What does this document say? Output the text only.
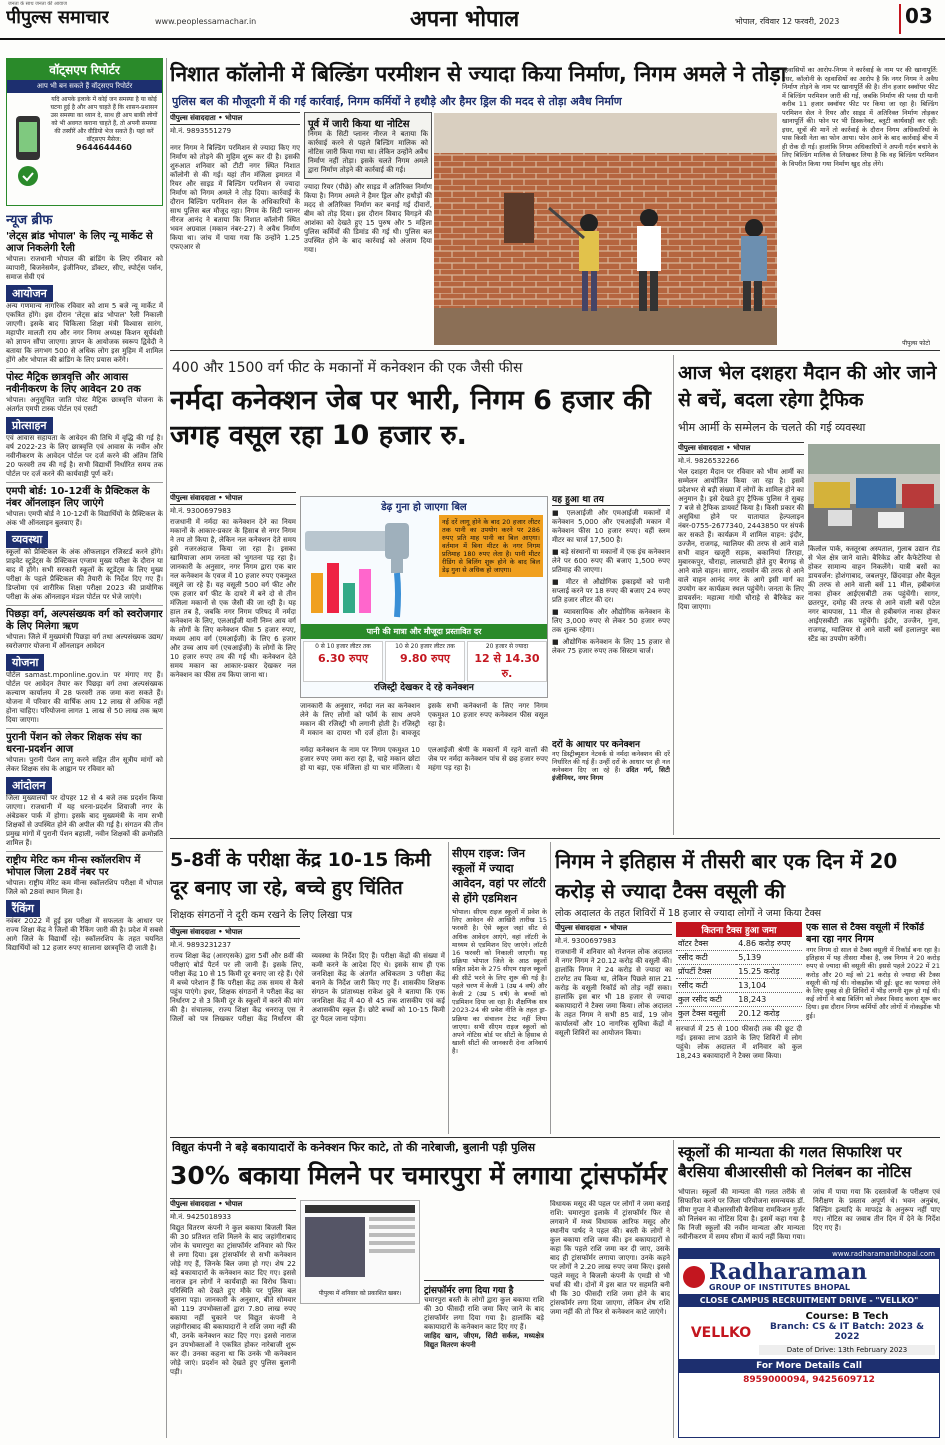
पीपुल्स समाचार
जनता के साथ जनता की आवाज
www.peoplessamachar.in	अपना भोपाल	भोपाल, रविवार 12 फरवरी, 2023	03
वॉट्सएप रिपोर्टर
आप भी बन सकते हैं वॉट्सएप रिपोर्टर
यदि आपके इलाके में कोई जन समस्या है या कोई घटना हुई है और आप चाहते हैं कि शासन-प्रशासन उस समस्या का ध्यान दे, साथ ही आप बाकी लोगों को भी अवगत कराना चाहते हैं, तो अपनी समस्या की तस्वीरें और वीडियो भेज सकते हैं। यहां करें वॉट्सएप मैसेज:
9644644460
न्यूज ब्रीफ
'लेट्स ब्रांड भोपाल' के लिए न्यू मार्केट से आज निकलेगी रैली
भोपाल। राजधानी भोपाल की ब्रांडिंग के लिए रविवार को व्यापारी, बिजनेसमैन, इंजीनियर, डॉक्टर, सीए, स्पोर्ट्स पर्सन, समाज सेवी एवं
आयोजन
अन्य गणमान्य नागरिक रविवार को शाम 5 बजे न्यू मार्केट में एकत्रित होंगे। इस दौरान 'लेट्स ब्रांड भोपाल' रैली निकाली जाएगी। इसके बाद चिकित्सा शिक्षा मंत्री विश्वास सारंग, महापौर मालती राय और नगर निगम अध्यक्ष किशन सूर्यवंशी को ज्ञापन सौंपा जाएगा। ज्ञापन के आयोजक स्वरूप द्विवेदी ने बताया कि लगभग 500 से अधिक लोग इस मुहिम में शामिल होंगे और भोपाल की ब्रांडिंग के लिए प्रयास करेंगे।
पोस्ट मैट्रिक छात्रवृत्ति और आवास नवीनीकरण के लिए आवेदन 20 तक
भोपाल। अनुसूचित जाति पोस्ट मैट्रिक छात्रवृत्ति योजना के अंतर्गत एमपी टास्क पोर्टल एवं एसटी
प्रोत्साहन
एवं आवास सहायता के आवेदन की तिथि में वृद्धि की गई है। वर्ष 2022-23 के लिए छात्रवृत्ति एवं आवास के नवीन और नवीनीकरण के आवेदन पोर्टल पर दर्ज करने की अंतिम तिथि 20 फरवरी तय की गई है। सभी विद्यार्थी निर्धारित समय तक पोर्टल पर दर्ज करने की कार्यवाही पूर्ण करें।
एमपी बोर्ड: 10-12वीं के प्रैक्टिकल के नंबर ऑनलाइन लिए जाएंगे
भोपाल। एमपी बोर्ड ने 10-12वीं के विद्यार्थियों के प्रैक्टिकल के अंक भी ऑनलाइन बुलवाए हैं।
व्यवस्था
स्कूलों को प्रैक्टिकल के अंक ऑफलाइन रजिस्टर्ड करने होंगे। प्राइवेट स्टूडेंट्स के प्रैक्टिकल एग्जाम मुख्य परीक्षा के दौरान या बाद में होंगे। सभी सरकारी स्कूलों के स्टूडेंट्स के लिए मुख्य परीक्षा के पहले प्रैक्टिकल की तैयारी के निर्देश दिए गए हैं। डिप्लोमा एवं शारीरिक शिक्षा परीक्षा 2023 की प्रायोगिक परीक्षा के अंक ऑनलाइन मंडल पोर्टल पर भेजे जाएंगे।
पिछड़ा वर्ग, अल्पसंख्यक वर्ग को स्वरोजगार के लिए मिलेगा ऋण
भोपाल। जिले में मुख्यमंत्री पिछड़ा वर्ग तथा अल्पसंख्यक उद्यम/स्वरोजगार योजना में ऑनलाइन आवेदन
योजना
पोर्टल samast.mponline.gov.in पर मंगाए गए हैं। पोर्टल पर आवेदन तैयार कर पिछड़ा वर्ग तथा अल्पसंख्यक कल्याण कार्यालय में 28 फरवरी तक जमा करा सकते हैं। योजना में परिवार की वार्षिक आय 12 लाख से अधिक नहीं होना चाहिए। परियोजना लागत 1 लाख से 50 लाख तक ऋण दिया जाएगा।
पुरानी पेंशन को लेकर शिक्षक संघ का धरना-प्रदर्शन आज
भोपाल। पुरानी पेंशन लागू करने सहित तीन सूत्रीय मांगों को लेकर शिक्षक संघ के आह्वान पर रविवार को
आंदोलन
जिला मुख्यालयों पर दोपहर 12 से 4 बजे तक प्रदर्शन किया जाएगा। राजधानी में यह धरना-प्रदर्शन शिवाजी नगर के अंबेडकर पार्क में होगा। इसके बाद मुख्यमंत्री के नाम सभी शिक्षकों से उपस्थित होने की अपील की गई है। संगठन की तीन प्रमुख मांगों में पुरानी पेंशन बहाली, नवीन शिक्षकों की क्रमोन्नति शामिल हैं।
राष्ट्रीय मेरिट कम मीन्स स्कॉलरशिप में भोपाल जिला 28वें नंबर पर
भोपाल। राष्ट्रीय मेरिट कम मीन्स स्कॉलरशिप परीक्षा में भोपाल जिले को 28वां स्थान मिला है।
रैंकिंग
नवंबर 2022 में हुई इस परीक्षा में सफलता के आधार पर राज्य शिक्षा केंद्र ने जिलों की रैंकिंग जारी की है। प्रदेश में सबसे आगे जिले के विद्यार्थी रहे। स्कॉलरशिप के तहत चयनित विद्यार्थियों को 12 हजार रुपए सालाना छात्रवृत्ति दी जाती है।
निशात कॉलोनी में बिल्डिंग परमीशन से ज्यादा किया निर्माण, निगम अमले ने तोड़ा
पुलिस बल की मौजूदगी में की गई कार्रवाई, निगम कर्मियों ने हथौड़े और हैमर ड्रिल की मदद से तोड़ा अवैध निर्माण
पीपुल्स संवाददाता • भोपाल
मो.नं. 9893551279
नगर निगम ने बिल्डिंग परमिशन से ज्यादा किए गए निर्माण को तोड़ने की मुहिम शुरू कर दी है। इसकी शुरुआत शनिवार को टीटी नगर स्थित निशात कॉलोनी से की गई। यहां तीन मंजिला इमारत में रियर और साइड में बिल्डिंग परमिशन से ज्यादा निर्माण को निगम अमले ने तोड़ दिया। कार्रवाई के दौरान बिल्डिंग परमिशन सेल के अधिकारियों के साथ पुलिस बल मौजूद रहा। निगम के सिटी प्लानर नीरज आनंद ने बताया कि निशात कॉलोनी स्थित भवन अग्रवाल (मकान नंबर-27) ने अवैध निर्माण किया था। जांच में पाया गया कि उन्होंने 1.25 एफएआर से
पूर्व में जारी किया था नोटिस
निगम के सिटी प्लानर नीरज ने बताया कि कार्रवाई करने से पहले बिल्डिंग मालिक को नोटिस जारी किया गया था। लेकिन उन्होंने अवैध निर्माण नहीं तोड़ा। इसके चलते निगम अमले द्वारा निर्माण तोड़ने की कार्रवाई की गई।
ज्यादा रियर (पीछे) और साइड में अतिरिक्त निर्माण किया है। निगम अमले ने हैमर ड्रिल और हथौड़ों की मदद से अतिरिक्त निर्माण कर बनाई गई दीवारों, बीम को तोड़ दिया। इस दौरान विवाद विगड़ने की आशंका को देखते हुए 15 पुरुष और 5 महिला पुलिस कर्मियों की डिमांड की गई थी। पुलिस बल उपस्थित होने के बाद कार्रवाई को अंजाम दिया गया।
पीपुल्स फोटो
रहवासियों का आरोप-निगम ने कार्रवाई के नाम पर की खानापूर्ति: इधर, कॉलोनी के रहवासियों का आरोप है कि नगर निगम ने अवैध निर्माण तोड़ने के नाम पर खानापूर्ति की है। तीन हजार स्क्वॉयर फीट में बिल्डिंग परमिशन जारी की गई, जबकि निर्माण की प्लस ग्री यानी करीब 11 हजार स्क्वॉयर फीट पर किया जा रहा है। बिल्डिंग परमिशन सेल ने रियर और साइड में अतिरिक्त निर्माण तोड़कर खानापूर्ति की। फोन पर भी डिस्कनेक्ट, ब्लूटी कार्यवाही कर रही: इधर, सूत्रों की मानें तो कार्रवाई के दौरान निगम अधिकारियों के पास किसी नेता का फोन आया। फोन आने के बाद कार्रवाई बीच में ही रोक दी गई। हालांकि निगम अधिकारियों ने अपनी गर्दन बचाने के लिए बिल्डिंग मालिक से लिखकर लिया है कि वह बिल्डिंग परमिशन के विपरीत किया गया निर्माण खुद तोड़ लेंगे।
400 और 1500 वर्ग फीट के मकानों में कनेक्शन की एक जैसी फीस
नर्मदा कनेक्शन जेब पर भारी, निगम 6 हजार की जगह वसूल रहा 10 हजार रु.
पीपुल्स संवाददाता • भोपाल
मो.नं. 9300697983
राजधानी में नर्मदा का कनेक्शन देने का नियम मकानों के आकार-प्रकार के हिसाब से नगर निगम ने तय तो किया है, लेकिन नल कनेक्शन देते समय इसे नजरअंदाज किया जा रहा है। इसका खामियाजा आम जनता को भुगतना पड़ रहा है। जानकारी के अनुसार, नगर निगम द्वारा एक बार नल कनेक्शन के एवज में 10 हजार रुपए एकमुश्त वसूले जा रहे हैं। यह वसूली 500 वर्ग फीट और एक हजार वर्ग फीट के दायरे में बने दो से तीन मंजिला मकानों से एक जैसी की जा रही है। यह हाल तब है, जबकि नगर निगम परिषद में नर्मदा कनेक्शन के लिए, एलआईजी यानी निम्न आय वर्ग के लोगों के लिए कनेक्शन फीस 5 हजार रुपए, मध्यम आय वर्ग (एमआईजी) के लिए 6 हजार और उच्च आय वर्ग (एचआईजी) के लोगों के लिए 10 हजार रुपए तय की गई थी। कनेक्शन देते समय मकान का आकार-प्रकार देखकर नल कनेक्शन का फीस तय किया जाना था।
डेढ़ गुना हो जाएगा बिल
नई दरें लागू होने के बाद 20 हजार लीटर तक पानी का उपयोग करने पर 286 रुपए प्रति माह पानी का बिल आएगा। वर्तमान में बिना मीटर के नगर निगम प्रतिमाह 180 रुपए लेता है। पानी मीटर रीडिंग से बिलिंग शुरू होने के बाद बिल डेढ़ गुना से अधिक हो जाएगा।
पानी की मात्रा और मौजूदा प्रस्तावित दर
0 से 10 हजार लीटर तक
6.30 रुपए
10 से 20 हजार लीटर तक
9.80 रुपए
20 हजार से ज्यादा
12 से 14.30 रु.
रजिस्ट्री देखकर दे रहे कनेक्शन
जानकारी के अनुसार, नर्मदा नल का कनेक्शन लेने के लिए लोगों को फॉर्म के साथ अपने मकान की रजिस्ट्री भी लगानी होती है। रजिस्ट्री में मकान का दायरा भी दर्ज होता है। बावजूद इसके सभी कनेक्शनों के लिए नगर निगम एकमुश्त 10 हजार रुपए कनेक्शन फीस वसूल रहा है।
नर्मदा कनेक्शन के नाम पर निगम एकमुश्त 10 हजार रुपए जमा करा रहा है, चाहे मकान छोटा हो या बड़ा, एक मंजिला हो या चार मंजिला। ये एलआईजी श्रेणी के मकानों में रहने वालों की जेब पर नर्मदा कनेक्शन पांच से छह हजार रुपए महंगा पड़ रहा है।
यह हुआ था तय
■ एलआईजी और एमआईजी मकानों में कनेक्शन 5,000 और एचआईजी मकान में कनेक्शन फीस 10 हजार रुपए। वहीं स्लम मीटर का चार्ज 17,500 है।
■ बड़े संस्थानों या मकानों में एक इंच कनेक्शन लेने पर 600 रुपए की बजाए 1,500 रुपए प्रतिमाह की जाएगा।
■ मीटर से औद्योगिक इकाइयों को पानी सप्लाई करने पर 18 रुपए की बजाए 24 रुपए प्रति हजार लीटर की दर।
■ व्यावसायिक और औद्योगिक कनेक्शन के लिए 3,000 रुपए से लेकर 50 हजार रुपए तक शुल्क रहेगा।
■ औद्योगिक कनेक्शन के लिए 15 हजार से लेकर 75 हजार रुपए तक सिस्टम चार्ज।
दरों के आधार पर कनेक्शन
नए डिस्ट्रीब्यूशन नेटवर्क से नर्मदा कनेक्शन की दरें निर्धारित की गई हैं। उन्हीं दरों के आधार पर ही नल कनेक्शन दिए जा रहे हैं। उदित गर्ग, सिटी इंजीनियर, नगर निगम
आज भेल दशहरा मैदान की ओर जाने से बचें, बदला रहेगा ट्रैफिक
भीम आर्मी के सम्मेलन के चलते की गई व्यवस्था
पीपुल्स संवाददाता • भोपाल
मो.नं. 9826532266
भेल दशहरा मैदान पर रविवार को भीम आर्मी का सम्मेलन आयोजित किया जा रहा है। इसमें प्रदेशभर से बड़ी संख्या में लोगों के शामिल होने का अनुमान है। इसे देखते हुए ट्रैफिक पुलिस ने सुबह 7 बजे से ट्रैफिक डायवर्ट किया है। किसी प्रकार की असुविधा होने पर यातायात हेल्पलाइन नंबर-0755-2677340, 2443850 पर संपर्क कर सकते हैं। कार्यक्रम में शामिल वाहन: इंदौर, उज्जैन, राजगढ़, ग्वालियर की तरफ से आने वाले सभी वाहन खजूरी सड़क, बकानियां तिराहा, मुबारकपुर, चौराहा, लालघाटी होते हुए बैरागढ़ से आने वाले वाहन। सागर, रायसेन की तरफ से आने वाले वाहन आनंद नगर के आगे इसी मार्ग का उपयोग कर कार्यक्रम स्थल पहुंचेंगे। जनता के लिए डायवर्सन: महात्मा गांधी चौराहे से बैरिकेड कर दिया जाएगा।
किलोल पार्क, कस्तूरबा अस्पताल, गुलाब उद्यान रोड से भेल क्षेत्र जाने वाले। बैरिकेड और कैफेटेरिया से होकर सामान्य वाहन निकलेंगे। यात्री बसों का डायवर्जन: होशंगाबाद, जबलपुर, छिंदवाड़ा और बैतूल की तरफ से आने वाली बसें 11 मील, हबीबगंज नाका होकर आईएसबीटी तक पहुंचेंगी। सागर, छतरपुर, दमोह की तरफ से आने वाली बसें पटेल नगर बायपास, 11 मील से हबीबगंज नाका होकर आईएसबीटी तक पहुंचेंगी। इंदौर, उज्जैन, गुना, राजगढ़, ग्वालियर से आने वाली बसें हलालपुर बस स्टैंड का उपयोग करेंगी।
5-8वीं के परीक्षा केंद्र 10-15 किमी दूर बनाए जा रहे, बच्चे हुए चिंतित
शिक्षक संगठनों ने दूरी कम रखने के लिए लिखा पत्र
पीपुल्स संवाददाता • भोपाल
मो.नं. 9893231237
राज्य शिक्षा केंद्र (आरएसके) द्वारा 5वीं और 8वीं की परीक्षाएं बोर्ड पैटर्न पर ली जानी हैं। इसके लिए, परीक्षा केंद्र 10 से 15 किमी दूर बनाए जा रहे हैं। ऐसे में बच्चे परेशान हैं कि परीक्षा केंद्र तक समय से कैसे पहुंच पाएंगे। इधर, शिक्षक संगठनों ने परीक्षा केंद्र का निर्धारण 2 से 3 किमी दूर के स्कूलों में करने की मांग की है। संचालक, राज्य शिक्षा केंद्र धनराजू एस ने जिलों को पत्र लिखकर परीक्षा केंद्र निर्धारण की व्यवस्था के निर्देश दिए हैं। परीक्षा केंद्रों की संख्या में कमी करने के आदेश दिए थे। इसके साथ ही एक जनशिक्षा केंद्र के अंतर्गत अधिकतम 3 परीक्षा केंद्र बनाने के निर्देश जारी किए गए हैं। शासकीय शिक्षक संगठन के प्रांताध्यक्ष राकेश दुबे ने बताया कि एक जनशिक्षा केंद्र में 40 से 45 तक शासकीय एवं कई अशासकीय स्कूल हैं। छोटे बच्चों को 10-15 किमी दूर पैदल जाना पड़ेगा।
सीएम राइज: जिन स्कूलों में ज्यादा आवेदन, वहां पर लॉटरी से होंगे एडमिशन
भोपाल। सीएम राइज स्कूलों में प्रवेश के लिए आवेदन की आखिरी तारीख 15 फरवरी है। ऐसे स्कूल जहां सीट से अधिक आवेदन आएंगे, वहां लॉटरी के माध्यम से एडमिशन दिए जाएंगे। लॉटरी 16 फरवरी को निकाली जाएगी। यह प्रक्रिया भोपाल जिले के आठ स्कूलों सहित प्रदेश के 275 सीएम राइज स्कूलों की सीटें भरने के लिए शुरू की गई है। पहले चरण में केजी 1 (उम्र 4 वर्ष) और केजी 2 (उम्र 5 वर्ष) के बच्चों को एडमिशन दिया जा रहा है। शैक्षणिक सत्र 2023-24 की प्रवेश नीति के तहत ड्रा-प्रक्रिया का संचालन टेस्ट नहीं लिया जाएगा। सभी सीएम राइज स्कूलों को अपने नोटिस बोर्ड पर सीटों के हिसाब से खाली सीटों की जानकारी देना अनिवार्य है।
निगम ने इतिहास में तीसरी बार एक दिन में 20 करोड़ से ज्यादा टैक्स वसूली की
लोक अदालत के तहत शिविरों में 18 हजार से ज्यादा लोगों ने जमा किया टैक्स
पीपुल्स संवाददाता • भोपाल
मो.नं. 9300697983
राजधानी में शनिवार को नेशनल लोक अदालत में नगर निगम ने 20.12 करोड़ की वसूली की। हालांकि निगम ने 24 करोड़ से ज्यादा का टारगेट तय किया था, लेकिन पिछले साल 21 करोड़ के वसूली रिकॉर्ड को तोड़ नहीं सका। हालांकि इस बार भी 18 हजार से ज्यादा बकायादारों ने टैक्स जमा किया। लोक अदालत के तहत निगम ने सभी 85 वार्ड, 19 जोन कार्यालयों और 10 नागरिक सुविधा केंद्रों में वसूली शिविरों का आयोजन किया।
कितना टैक्स हुआ जमा
वॉटर टैक्स	4.86 करोड़ रुपए
रसीद कटी	5,139
प्रॉपर्टी टैक्स	15.25 करोड़
रसीद कटी	13,104
कुल रसीद कटी	18,243
कुल टैक्स वसूली	20.12 करोड़
सरचार्ज में 25 से 100 फीसदी तक की छूट दी गई। इसका लाभ उठाने के लिए शिविरों में लोग पहुंचे। लोक अदालत में शनिवार को कुल 18,243 बकायादारों ने टैक्स जमा किया।
एक साल से टैक्स वसूली में रिकॉर्ड बना रहा नगर निगम
नगर निगम दो साल से टैक्स वसूली में रिकॉर्ड बना रहा है। इतिहास में यह तीसरा मौका है, जब निगम ने 20 करोड़ रुपए से ज्यादा की वसूली की। इससे पहले 2022 में 21 करोड़ और 20 मई को 21 करोड़ से ज्यादा की टैक्स वसूली की गई थी। नोकझोंक भी हुई: छूट का फायदा लेने के लिए सुबह से ही शिविरों में भीड़ लगनी शुरू हो गई थी। कई लोगों ने बाद्य बिलिंग को लेकर विवाद करना शुरू कर दिया। इस दौरान निगम कर्मियों और लोगों में नोकझोंक भी हुई।
विद्युत कंपनी ने बड़े बकायादारों के कनेक्शन फिर काटे, तो की नारेबाजी, बुलानी पड़ी पुलिस
30% बकाया मिलने पर चमारपुरा में लगाया ट्रांसफॉर्मर
पीपुल्स संवाददाता • भोपाल
मो.नं. 9425018933
विद्युत वितरण कंपनी ने कुल बकाया बिजली बिल की 30 प्रतिशत राशि मिलने के बाद जहांगीराबाद जोन के चमारपुरा का ट्रांसफॉर्मर शनिवार को फिर से लगा दिया। इस ट्रांसफॉर्मर से सभी कनेक्शन जोड़े गए हैं, जिनके बिल जमा हो गए। शेष 22 बड़े बकायादारों के कनेक्शन काट दिए गए। इससे नाराज इन लोगों ने कार्यवाही का विरोध किया। परिस्थिति को देखते हुए मौके पर पुलिस बल बुलाना पड़ा। जानकारी के अनुसार, बीते सोमवार को 119 उपभोक्ताओं द्वारा 7.80 लाख रुपए बकाया नहीं चुकाने पर विद्युत कंपनी ने जहांगीराबाद की बकायादारों ने राशि जमा नहीं की थी, उनके कनेक्शन काट दिए गए। इससे नाराज इन उपभोक्ताओं ने एकत्रित होकर नारेबाजी शुरू कर दी। उनका कहना था कि उनके भी कनेक्शन जोड़े जाएं। प्रदर्शन को देखते हुए पुलिस बुलानी पड़ी।
पीपुल्स में शनिवार को प्रकाशित खबर।	ट्रांसफॉर्मर लगा दिया गया है
चमारपुरा बस्ती के लोगों द्वारा कुल बकाया राशि की 30 फीसदी राशि जमा किए जाने के बाद ट्रांसफॉर्मर लगा दिया गया है। हालांकि बड़े बकायादारों के कनेक्शन काट दिए गए हैं।
जाहिद खान, जीएम, सिटी सर्कल, मध्यक्षेत्र विद्युत वितरण कंपनी
विधायक मसूद की पहल पर लोगों ने जमा कराई राशि: चमारपुरा इलाके में ट्रांसफॉर्मर फिर से लगवाने में मध्य विधायक आरिफ मसूद और स्थानीय पार्षद ने पहल की। बस्ती के लोगों ने कुल बकाया राशि जमा की। इन बकायादारों से कहा कि पहले राशि जमा कर दी जाए, उसके बाद ही ट्रांसफॉर्मर लगाया जाएगा। उनके कहने पर लोगों ने 2.20 लाख रुपए जमा किए। इससे पहले मसूद ने बिजली कंपनी के एमडी से भी चर्चा की थी। दोनों में इस बात पर सहमति बनी थी कि 30 फीसदी राशि जमा होने के बाद ट्रांसफॉर्मर लगा दिया जाएगा, लेकिन शेष राशि जमा नहीं की तो फिर से कनेक्शन काटे जाएंगे।
स्कूलों की मान्यता की गलत सिफारिश पर बैरसिया बीआरसीसी को निलंबन का नोटिस
भोपाल। स्कूलों की मान्यता की गलत तरीके से सिफारिश करने पर जिला परियोजना समन्वयक डॉ. सीमा गुप्ता ने बीआरसीसी बैरसिया रामकिशन गुर्जर को निलंबन का नोटिस दिया है। इसमें कहा गया है कि निजी स्कूलों की नवीन मान्यता और मान्यता नवीनीकरण में समय सीमा में कार्य नहीं किया गया। जांच में पाया गया कि दस्तावेजों के परीक्षण एवं निरीक्षण के प्रस्ताव अपूर्ण थे। भवन अनुबंध, बिल्डिंग इत्यादि के मापदंड के अनुरूप नहीं पाए गए। नोटिस का जवाब तीन दिन में देने के निर्देश दिए गए हैं।
www.radharamanbhopal.com
Radharaman
GROUP OF INSTITUTES BHOPAL
CLOSE CAMPUS RECRUITMENT DRIVE - "VELLKO"
VELLKO
Course: B Tech
Branch: CS & IT Batch: 2023 & 2022
Date of Drive: 13th February 2023
For More Details Call
8959000094, 9425609712
